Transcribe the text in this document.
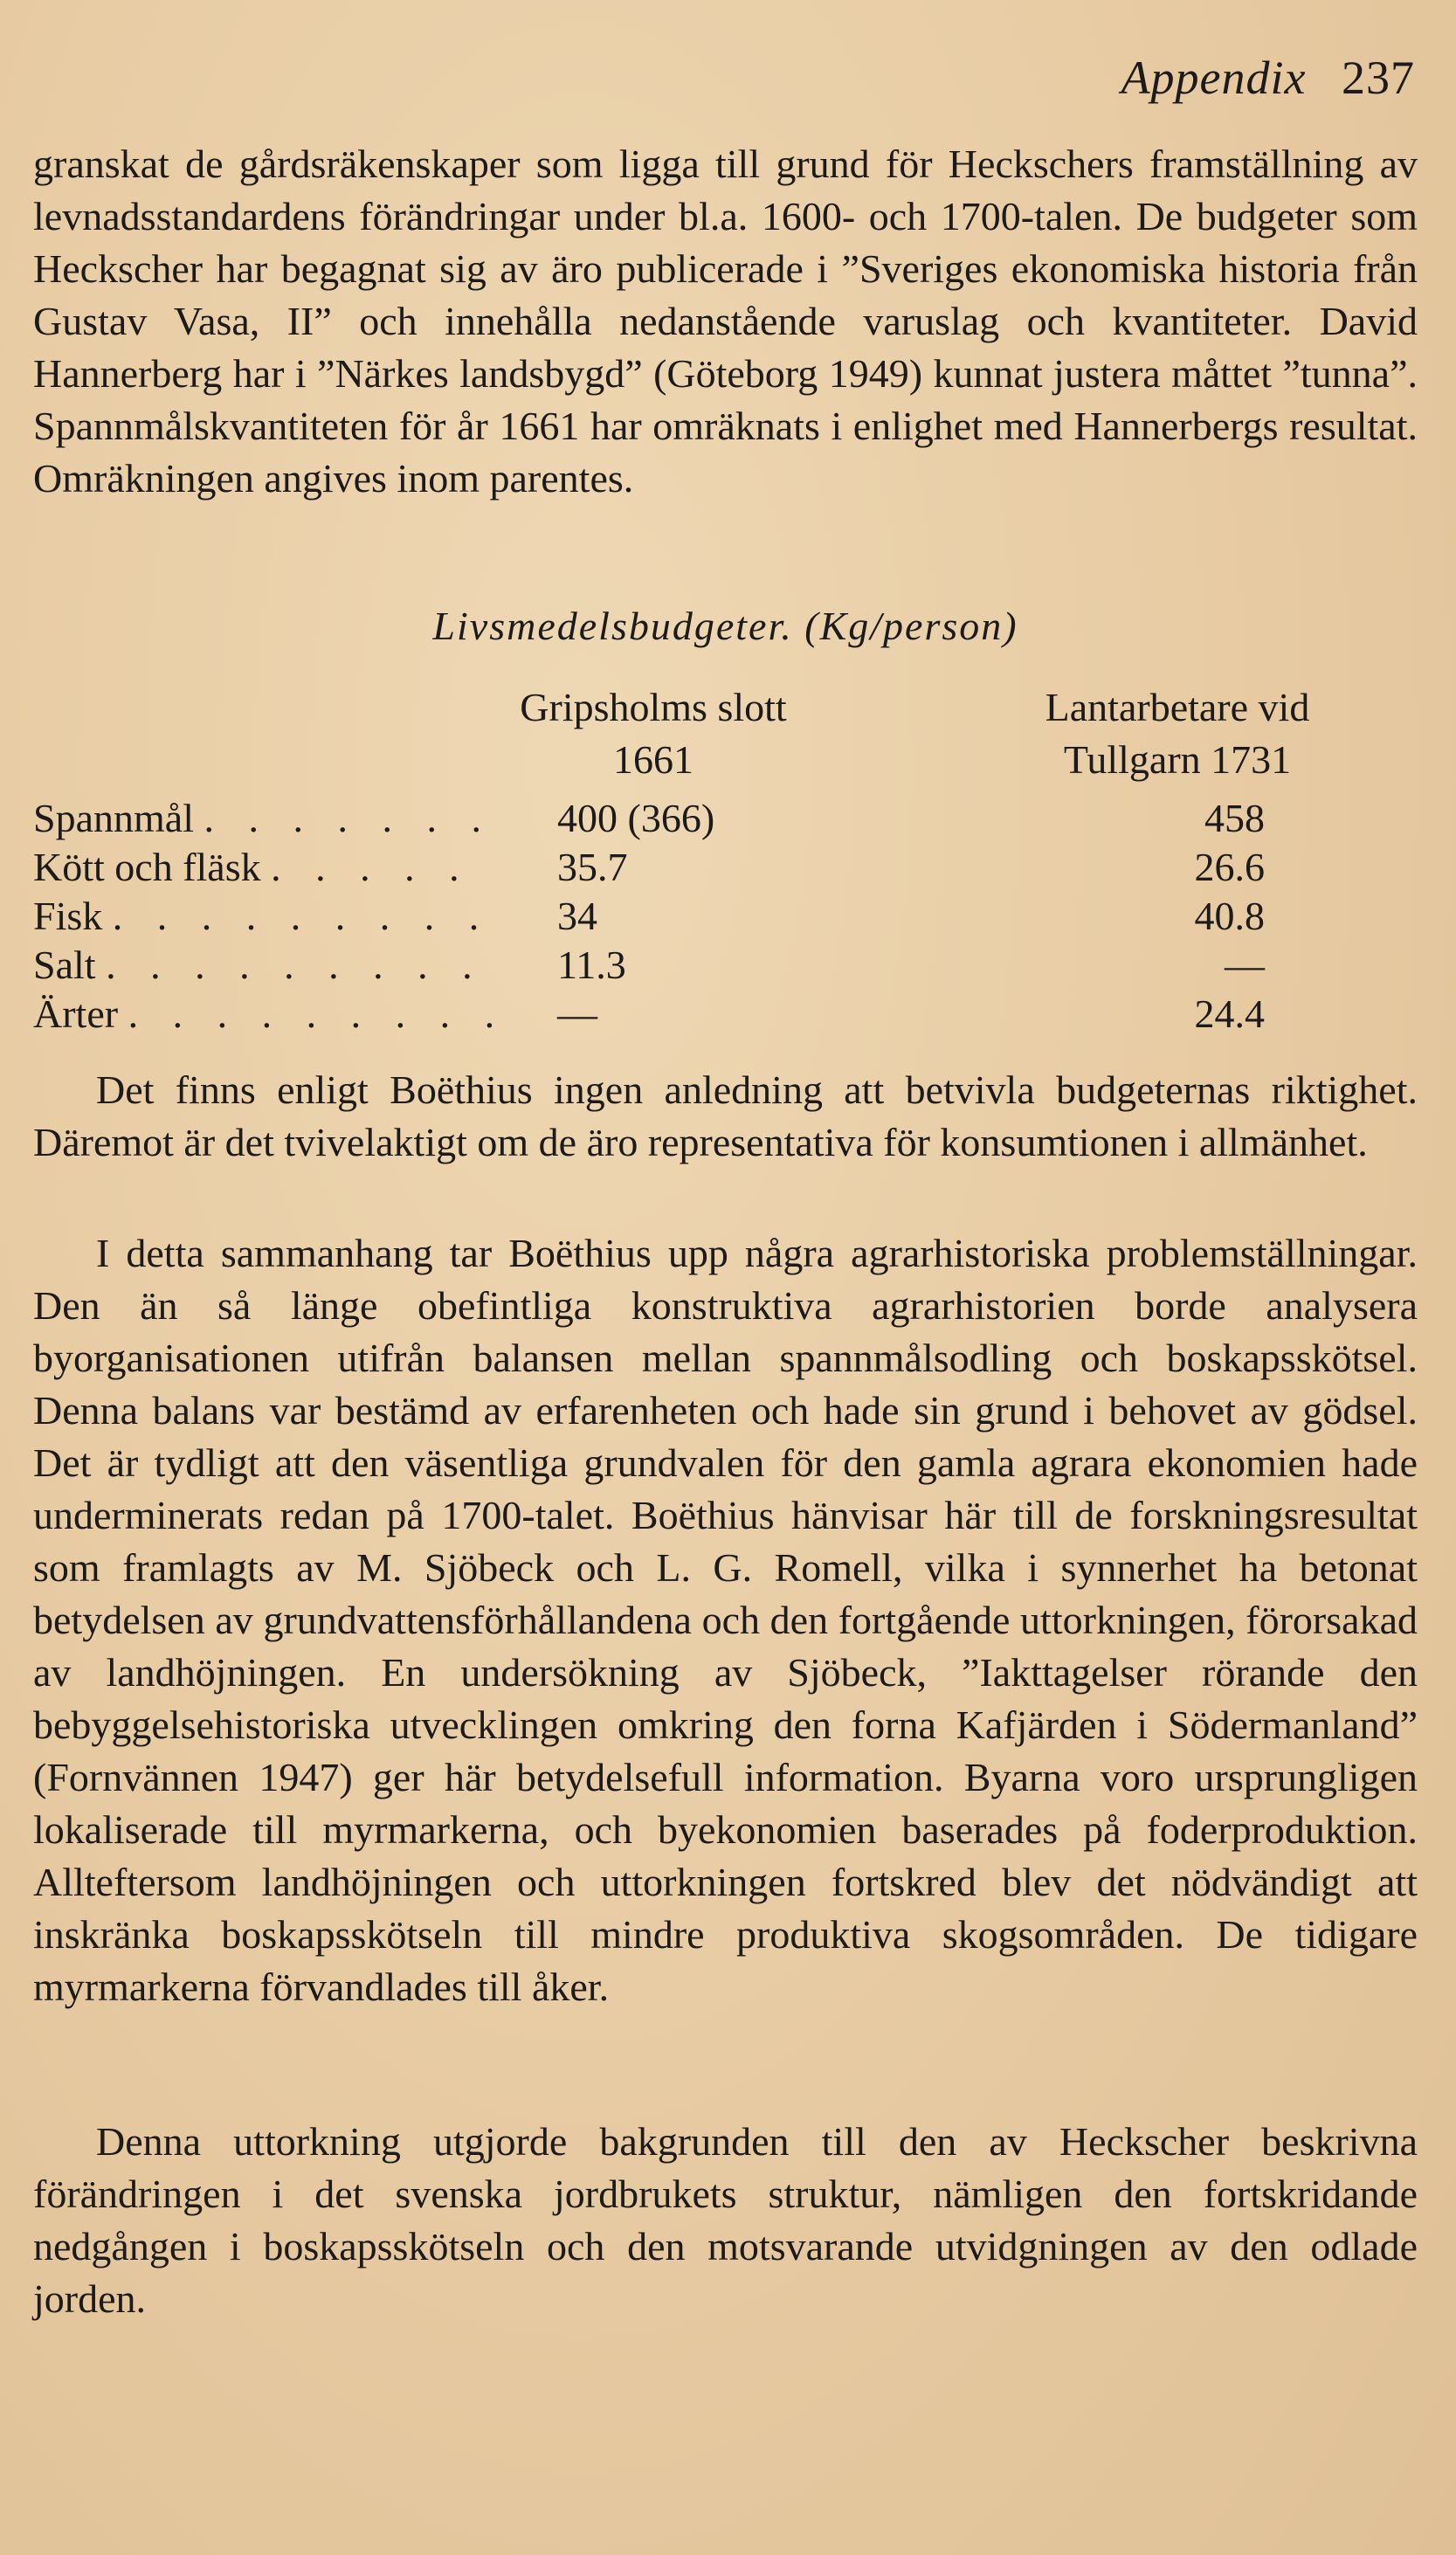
Appendix 237
granskat de gårdsräkenskaper som ligga till grund för Heckschers framställning av levnadsstandardens förändringar under bl.a. 1600- och 1700-talen. De budgeter som Heckscher har begagnat sig av äro publicerade i ”Sveriges ekonomiska historia från Gustav Vasa, II” och innehålla nedanstående varuslag och kvantiteter. David Hannerberg har i ”Närkes landsbygd” (Göteborg 1949) kunnat justera måttet ”tunna”. Spannmålskvantiteten för år 1661 har omräknats i enlighet med Hannerbergs resultat. Omräkningen angives inom parentes.
Livsmedelsbudgeter. (Kg/person)
Gripsholms slott
1661
Lantarbetare vid
Tullgarn 1731
Spannmål . . . . . . . 400 (366)	458
Kött och fläsk . . . . . 35.7	26.6
Fisk . . . . . . . . . 34	40.8
Salt . . . . . . . . . 11.3	—
Ärter . . . . . . . . . —	24.4
Det finns enligt Boëthius ingen anledning att betvivla budgeternas riktighet. Däremot är det tvivelaktigt om de äro representativa för konsumtionen i allmänhet.
I detta sammanhang tar Boëthius upp några agrarhistoriska problemställningar. Den än så länge obefintliga konstruktiva agrarhistorien borde analysera byorganisationen utifrån balansen mellan spannmålsodling och boskapsskötsel. Denna balans var bestämd av erfarenheten och hade sin grund i behovet av gödsel. Det är tydligt att den väsentliga grundvalen för den gamla agrara ekonomien hade underminerats redan på 1700-talet. Boëthius hänvisar här till de forskningsresultat som framlagts av M. Sjöbeck och L. G. Romell, vilka i synnerhet ha betonat betydelsen av grundvattensförhållandena och den fortgående uttorkningen, förorsakad av landhöjningen. En undersökning av Sjöbeck, ”Iakttagelser rörande den bebyggelsehistoriska utvecklingen omkring den forna Kafjärden i Södermanland” (Fornvännen 1947) ger här betydelsefull information. Byarna voro ursprungligen lokaliserade till myrmarkerna, och byekonomien baserades på foderproduktion. Allteftersom landhöjningen och uttorkningen fortskred blev det nödvändigt att inskränka boskapsskötseln till mindre produktiva skogsområden. De tidigare myrmarkerna förvandlades till åker.
Denna uttorkning utgjorde bakgrunden till den av Heckscher beskrivna förändringen i det svenska jordbrukets struktur, nämligen den fortskridande nedgången i boskapsskötseln och den motsvarande utvidgningen av den odlade jorden.
